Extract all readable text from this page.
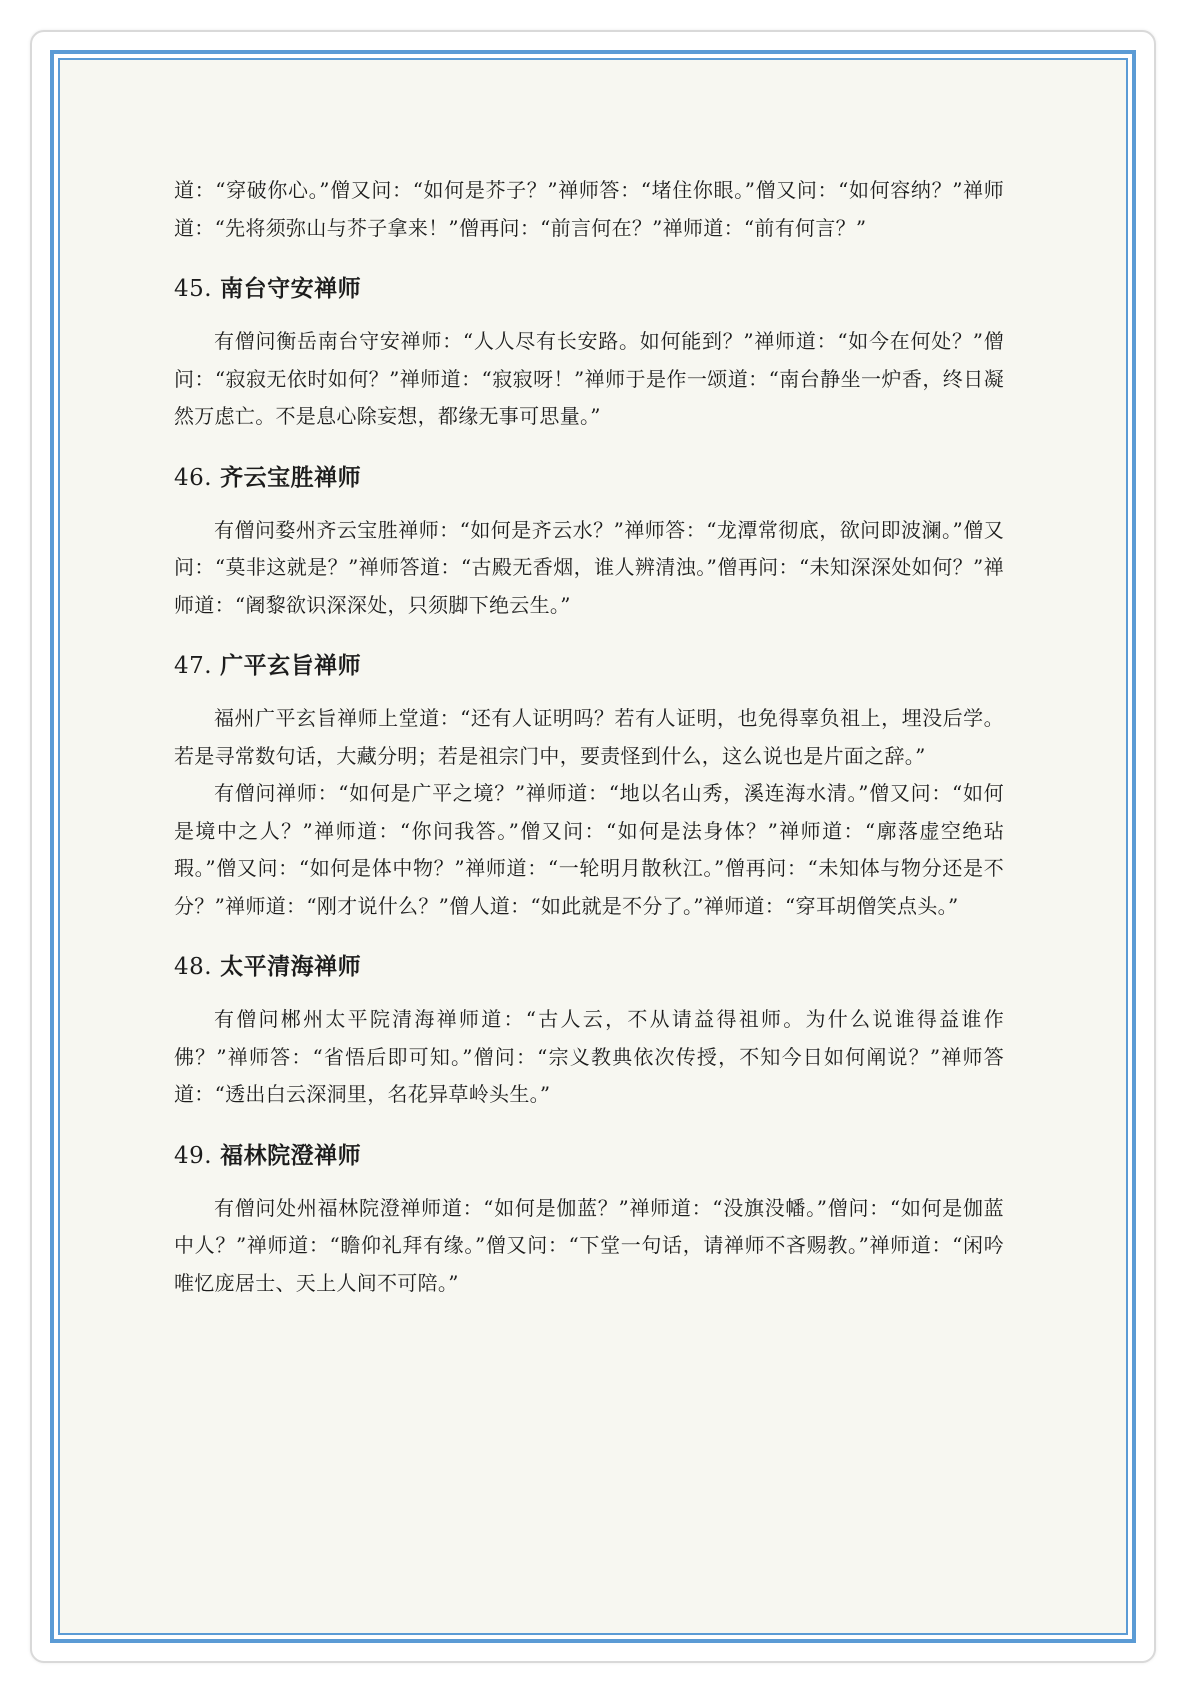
道：“穿破你心。”僧又问：“如何是芥子？”禅师答：“堵住你眼。”僧又问：“如何容纳？”禅师道：“先将须弥山与芥子拿来！”僧再问：“前言何在？”禅师道：“前有何言？”

45. 南台守安禅师

有僧问衡岳南台守安禅师：“人人尽有长安路。如何能到？”禅师道：“如今在何处？”僧问：“寂寂无依时如何？”禅师道：“寂寂呀！”禅师于是作一颂道：“南台静坐一炉香，终日凝然万虑亡。不是息心除妄想，都缘无事可思量。”

46. 齐云宝胜禅师

有僧问婺州齐云宝胜禅师：“如何是齐云水？”禅师答：“龙潭常彻底，欲问即波澜。”僧又问：“莫非这就是？”禅师答道：“古殿无香烟，谁人辨清浊。”僧再问：“未知深深处如何？”禅师道：“阇黎欲识深深处，只须脚下绝云生。”

47. 广平玄旨禅师

福州广平玄旨禅师上堂道：“还有人证明吗？若有人证明，也免得辜负祖上，埋没后学。若是寻常数句话，大藏分明；若是祖宗门中，要责怪到什么，这么说也是片面之辞。”

有僧问禅师：“如何是广平之境？”禅师道：“地以名山秀，溪连海水清。”僧又问：“如何是境中之人？”禅师道：“你问我答。”僧又问：“如何是法身体？”禅师道：“廓落虚空绝玷瑕。”僧又问：“如何是体中物？”禅师道：“一轮明月散秋江。”僧再问：“未知体与物分还是不分？”禅师道：“刚才说什么？”僧人道：“如此就是不分了。”禅师道：“穿耳胡僧笑点头。”

48. 太平清海禅师

有僧问郴州太平院清海禅师道：“古人云，不从请益得祖师。为什么说谁得益谁作佛？”禅师答：“省悟后即可知。”僧问：“宗义教典依次传授，不知今日如何阐说？”禅师答道：“透出白云深洞里，名花异草岭头生。”

49. 福林院澄禅师

有僧问处州福林院澄禅师道：“如何是伽蓝？”禅师道：“没旗没幡。”僧问：“如何是伽蓝中人？”禅师道：“瞻仰礼拜有缘。”僧又问：“下堂一句话，请禅师不吝赐教。”禅师道：“闲吟唯忆庞居士、天上人间不可陪。”
